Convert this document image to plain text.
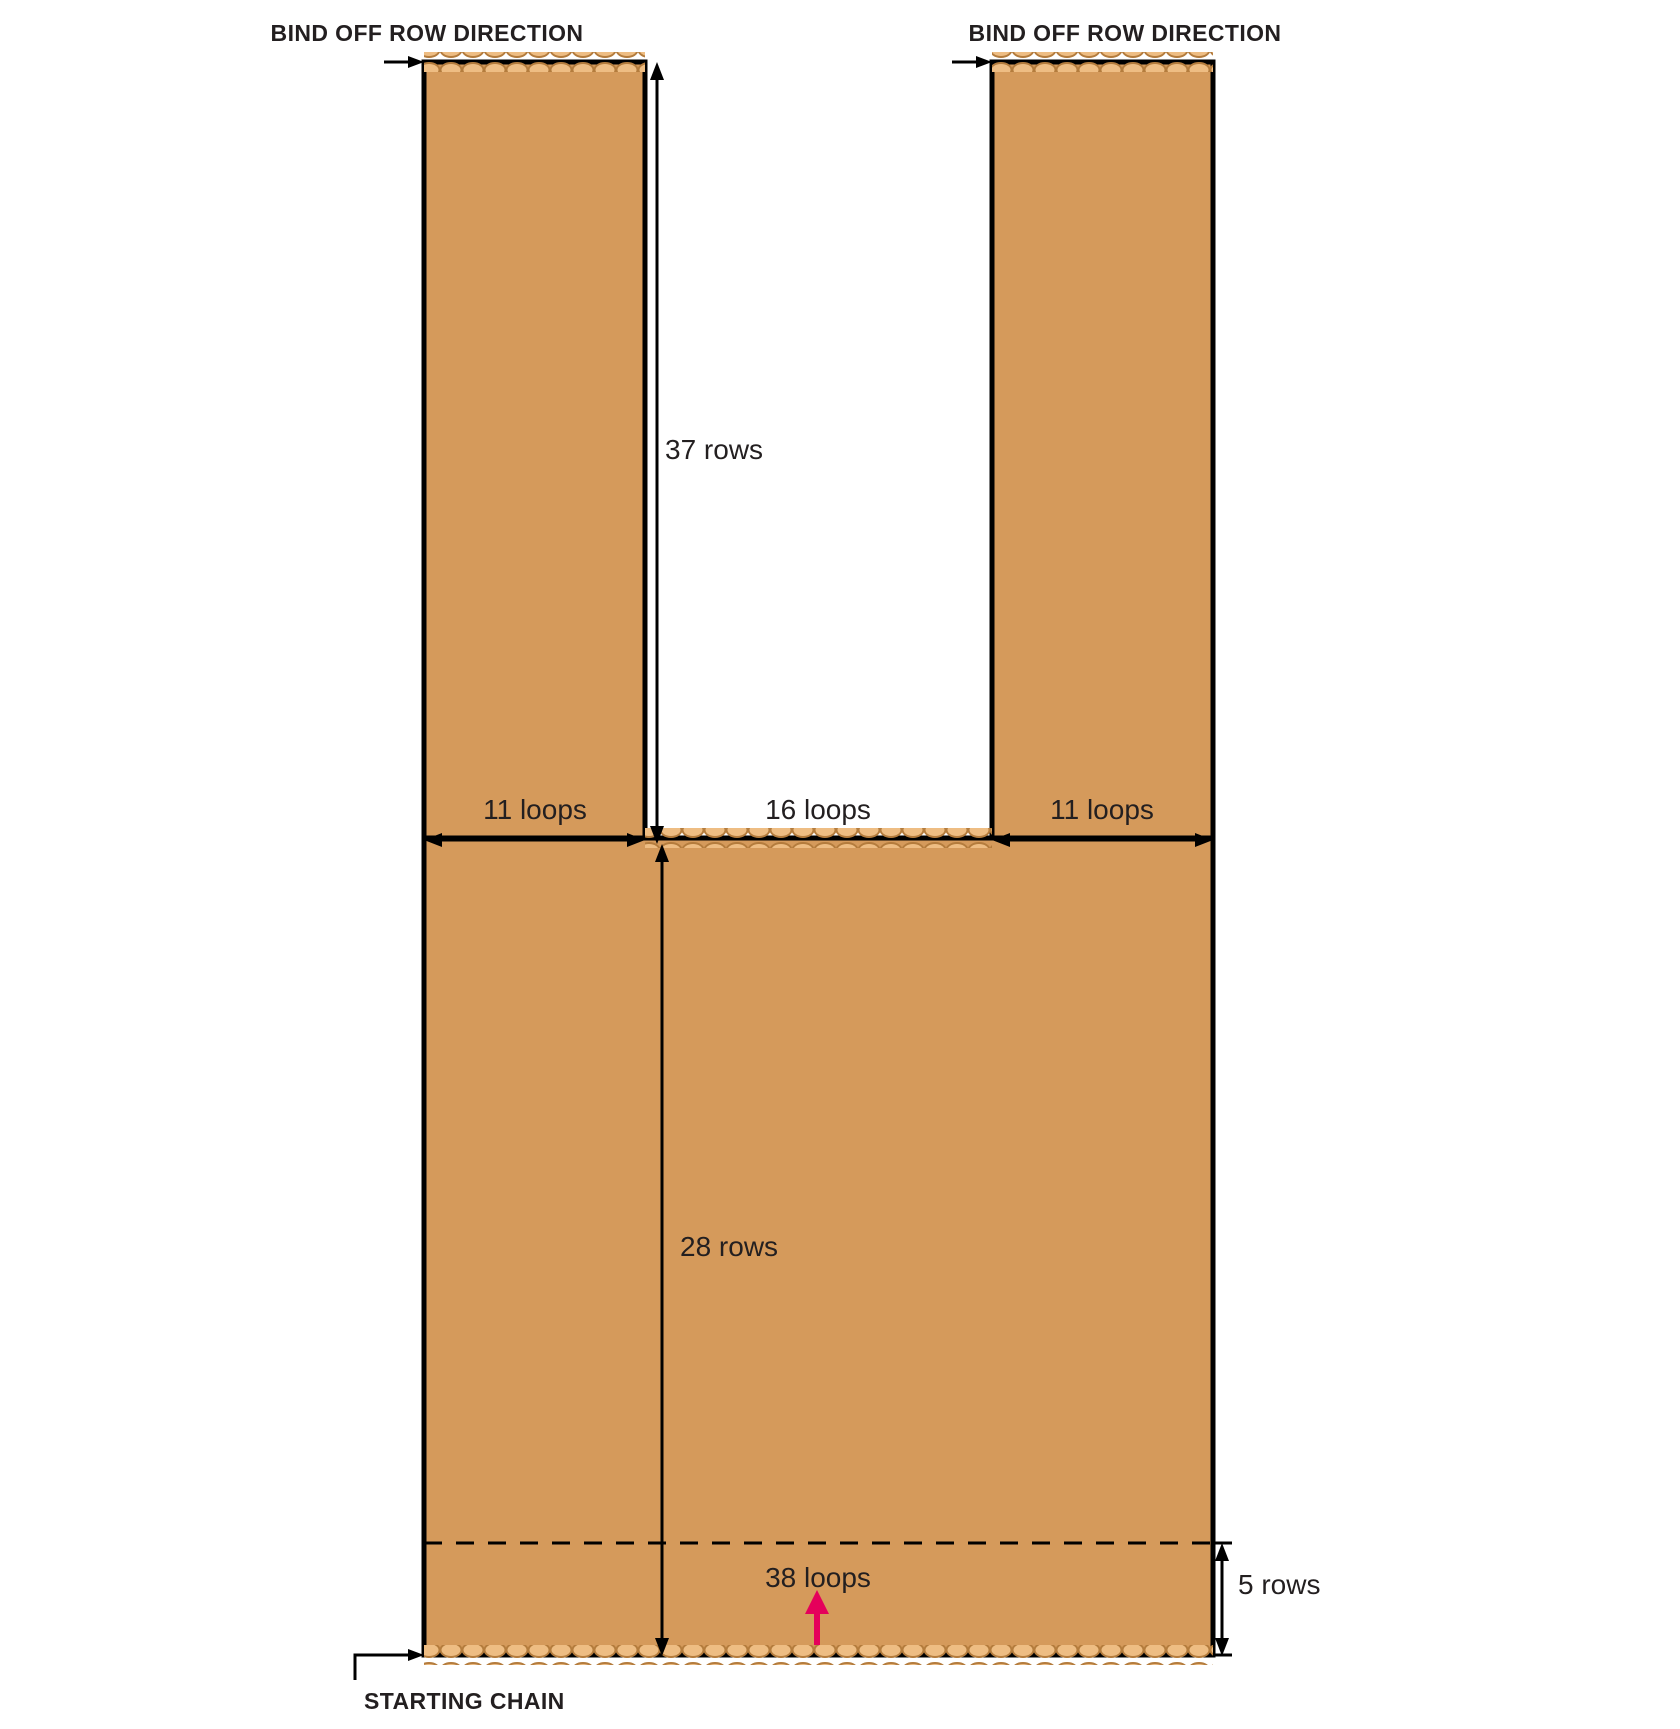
BIND OFF ROW DIRECTION	BIND OFF ROW DIRECTION
37 rows
28 rows
5 rows
11 loops	16 loops	11 loops
38 loops
STARTING CHAIN
